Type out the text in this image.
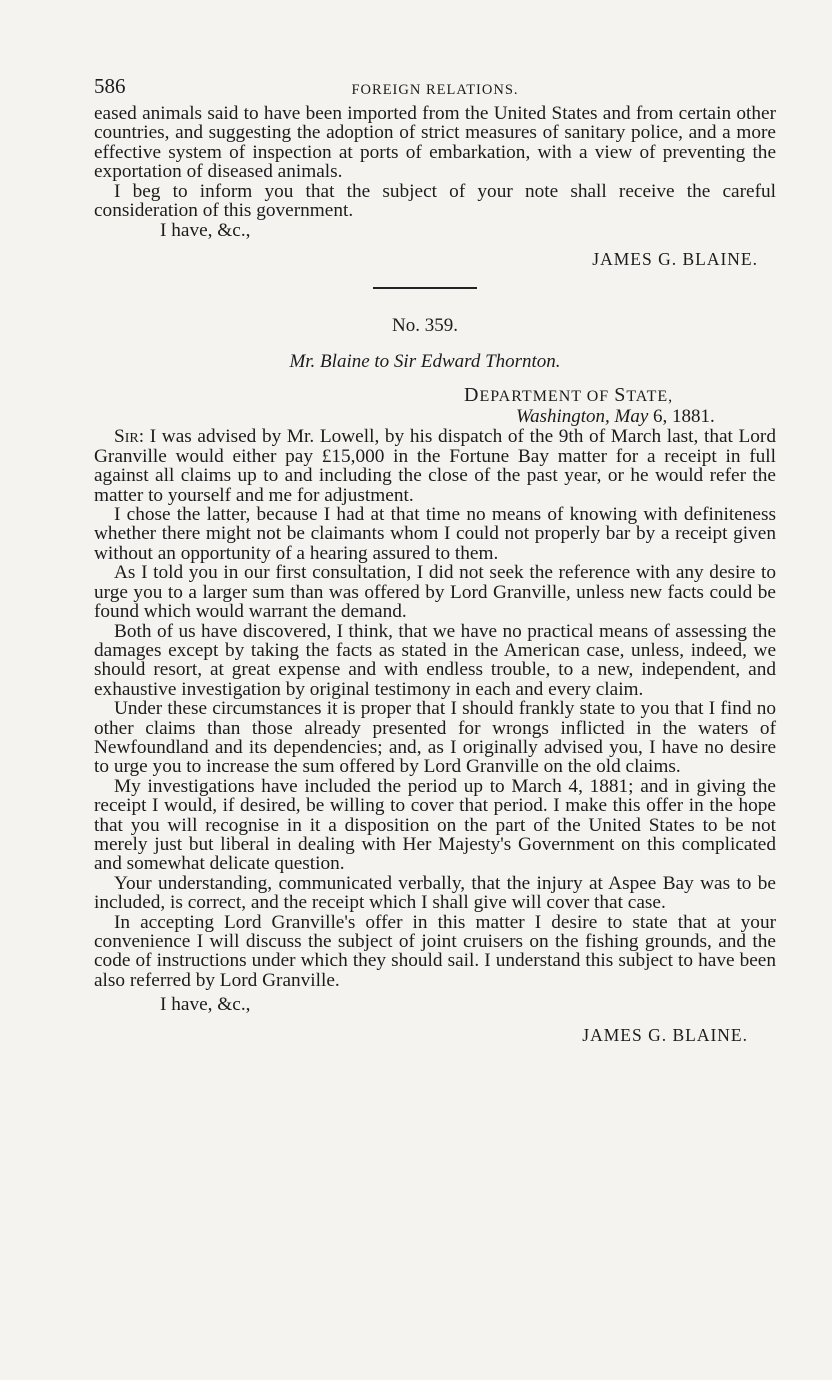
586	FOREIGN RELATIONS.

eased animals said to have been imported from the United States and from certain other countries, and suggesting the adoption of strict measures of sanitary police, and a more effective system of inspection at ports of embarkation, with a view of preventing the exportation of diseased animals.

I beg to inform you that the subject of your note shall receive the careful consideration of this government.

I have, &c.,

JAMES G. BLAINE.

No. 359.

Mr. Blaine to Sir Edward Thornton.

DEPARTMENT OF STATE,
Washington, May 6, 1881.

Sir: I was advised by Mr. Lowell, by his dispatch of the 9th of March last, that Lord Granville would either pay £15,000 in the Fortune Bay matter for a receipt in full against all claims up to and including the close of the past year, or he would refer the matter to yourself and me for adjustment.

I chose the latter, because I had at that time no means of knowing with definiteness whether there might not be claimants whom I could not properly bar by a receipt given without an opportunity of a hearing assured to them.

As I told you in our first consultation, I did not seek the reference with any desire to urge you to a larger sum than was offered by Lord Granville, unless new facts could be found which would warrant the demand.

Both of us have discovered, I think, that we have no practical means of assessing the damages except by taking the facts as stated in the American case, unless, indeed, we should resort, at great expense and with endless trouble, to a new, independent, and exhaustive investigation by original testimony in each and every claim.

Under these circumstances it is proper that I should frankly state to you that I find no other claims than those already presented for wrongs inflicted in the waters of Newfoundland and its dependencies; and, as I originally advised you, I have no desire to urge you to increase the sum offered by Lord Granville on the old claims.

My investigations have included the period up to March 4, 1881; and in giving the receipt I would, if desired, be willing to cover that period. I make this offer in the hope that you will recognise in it a disposition on the part of the United States to be not merely just but liberal in dealing with Her Majesty's Government on this complicated and somewhat delicate question.

Your understanding, communicated verbally, that the injury at Aspee Bay was to be included, is correct, and the receipt which I shall give will cover that case.

In accepting Lord Granville's offer in this matter I desire to state that at your convenience I will discuss the subject of joint cruisers on the fishing grounds, and the code of instructions under which they should sail. I understand this subject to have been also referred by Lord Granville.

I have, &c.,

JAMES G. BLAINE.
